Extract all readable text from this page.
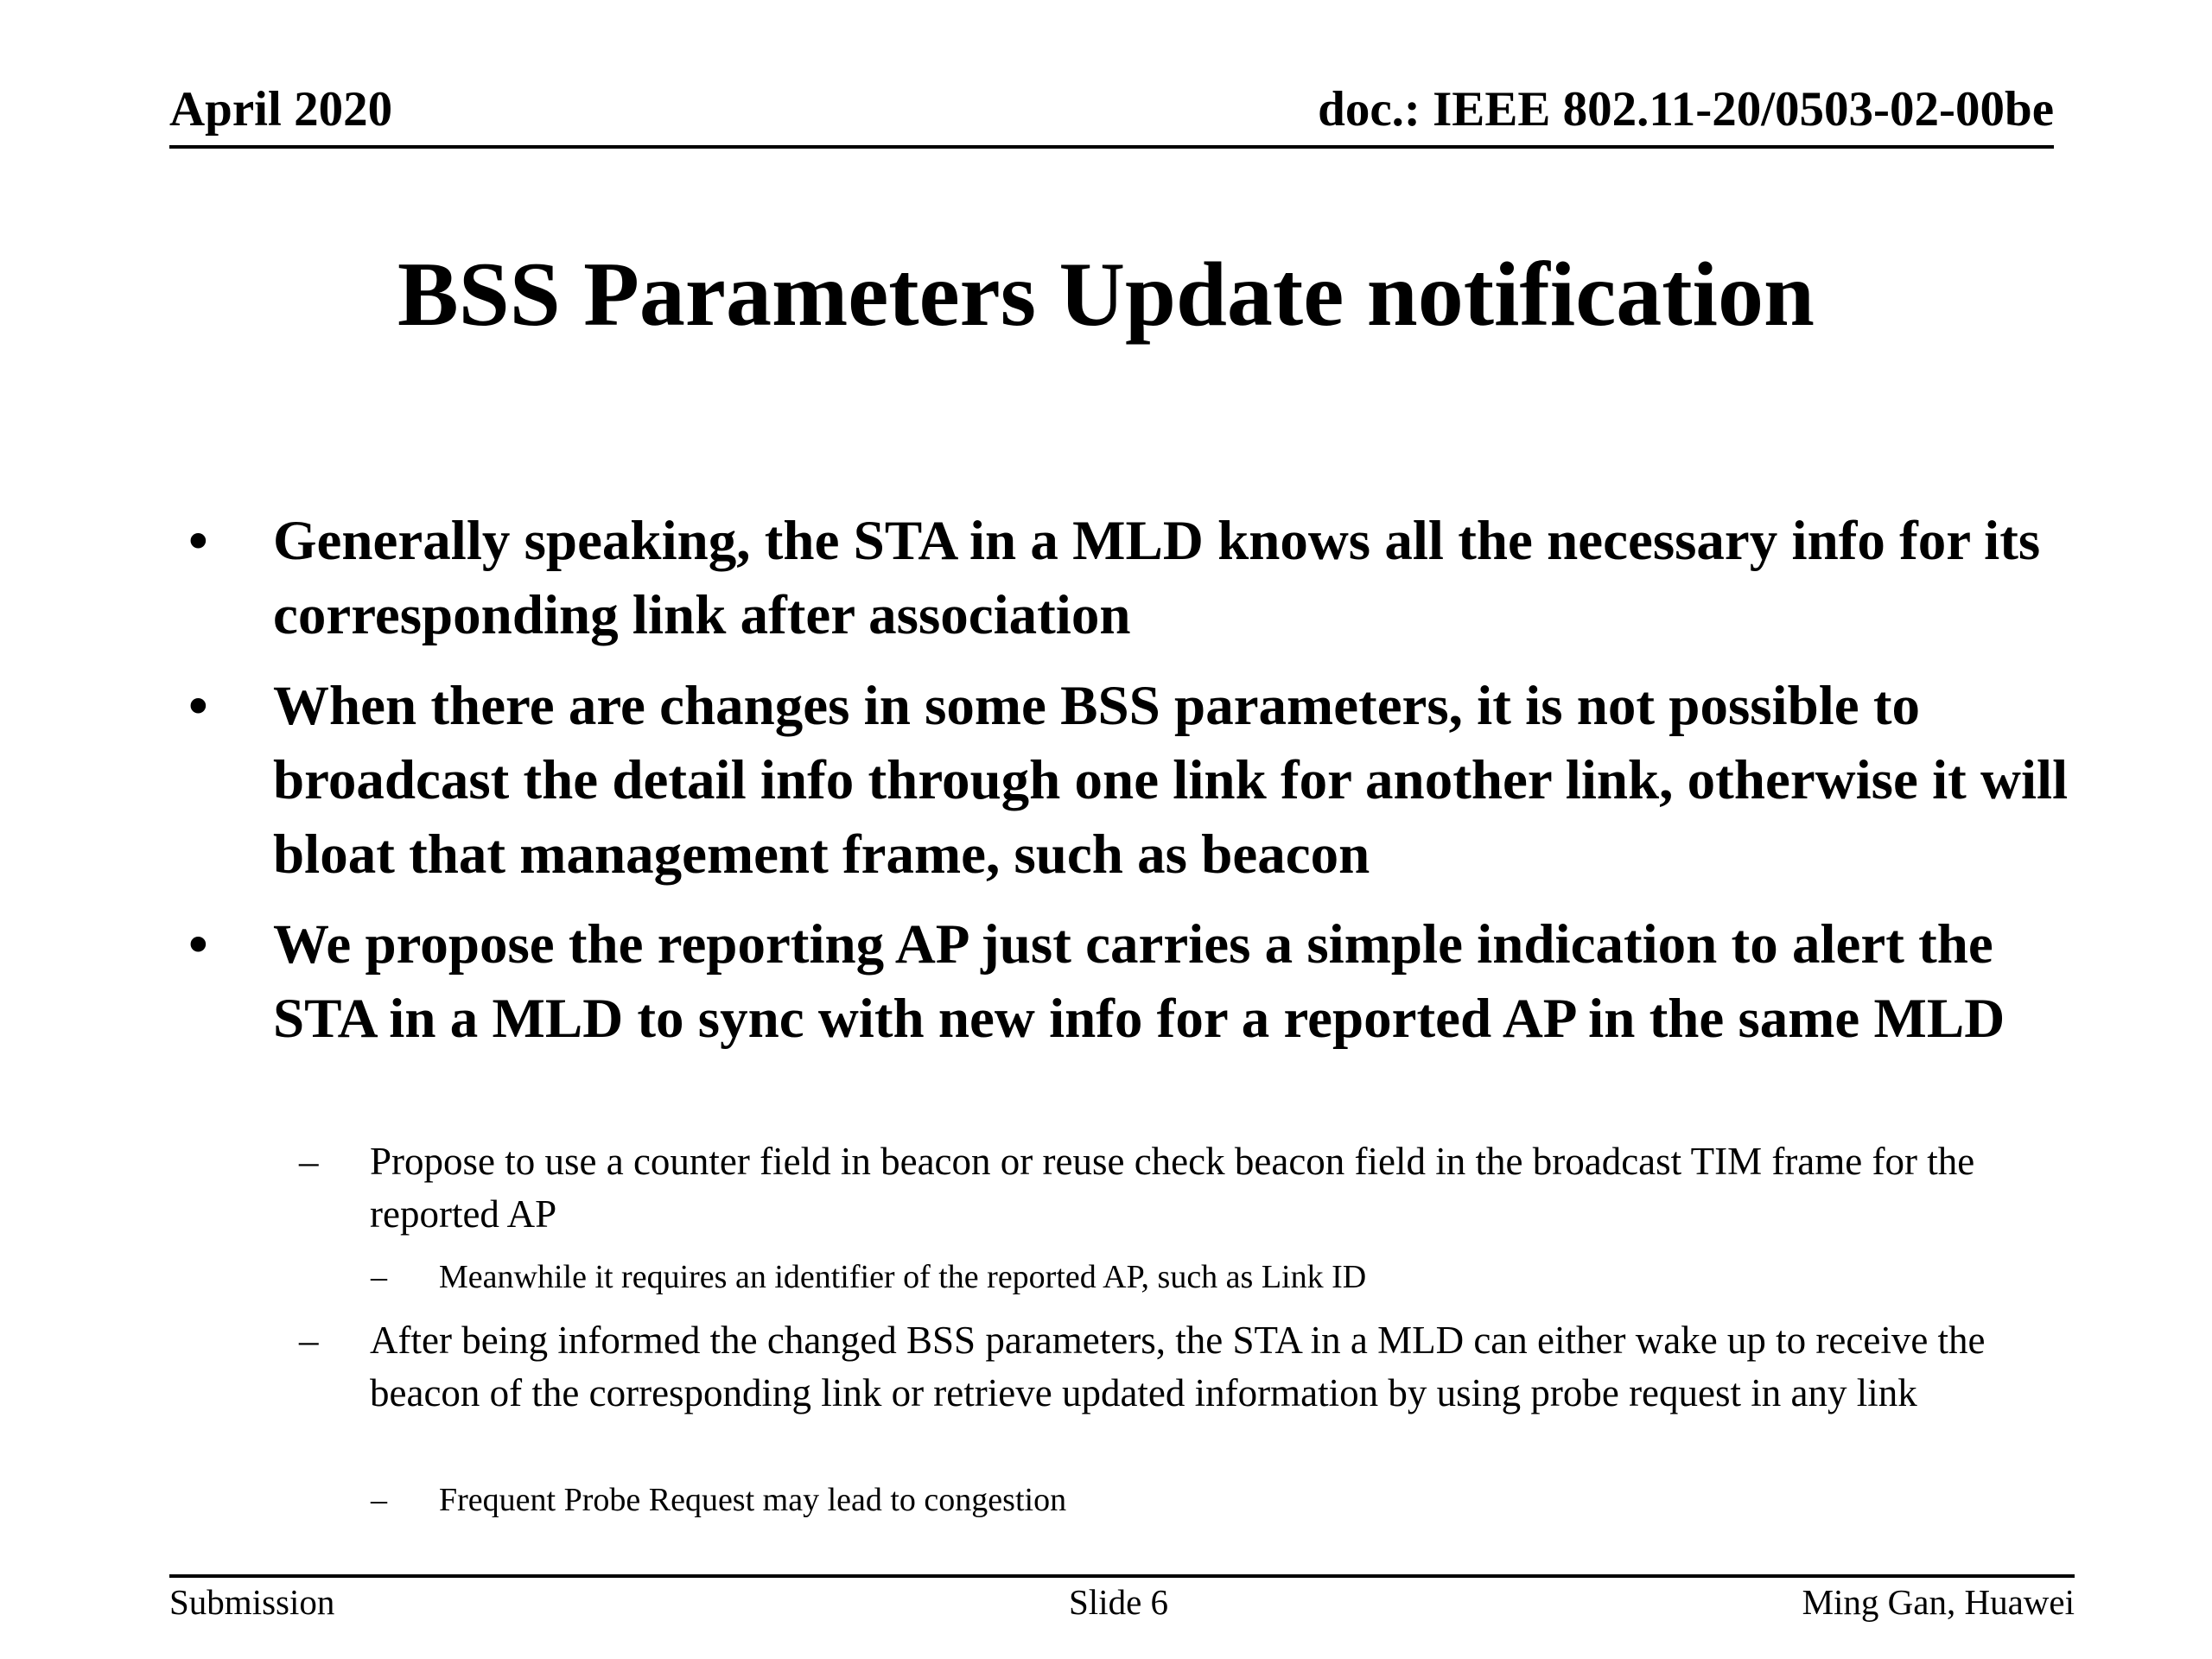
April 2020	doc.: IEEE 802.11-20/0503-02-00be
BSS Parameters Update notification
•	Generally speaking, the STA in a MLD knows all the necessary info for its corresponding link after association
•	When there are changes in some BSS parameters, it is not possible to broadcast the detail info through one link for another link, otherwise it will bloat that management frame, such as beacon
•	We propose the reporting AP just carries a simple indication to alert the STA in a MLD to sync with new info for a reported AP in the same MLD
– Propose to use a counter field in beacon or reuse check beacon field in the broadcast TIM frame for the reported AP
– Meanwhile it requires an identifier of the reported AP, such as Link ID
– After being informed the changed BSS parameters, the STA in a MLD can either wake up to receive the beacon of the corresponding link or retrieve updated information by using probe request in any link
– Frequent Probe Request may lead to congestion
Submission	Slide 6	Ming Gan, Huawei
